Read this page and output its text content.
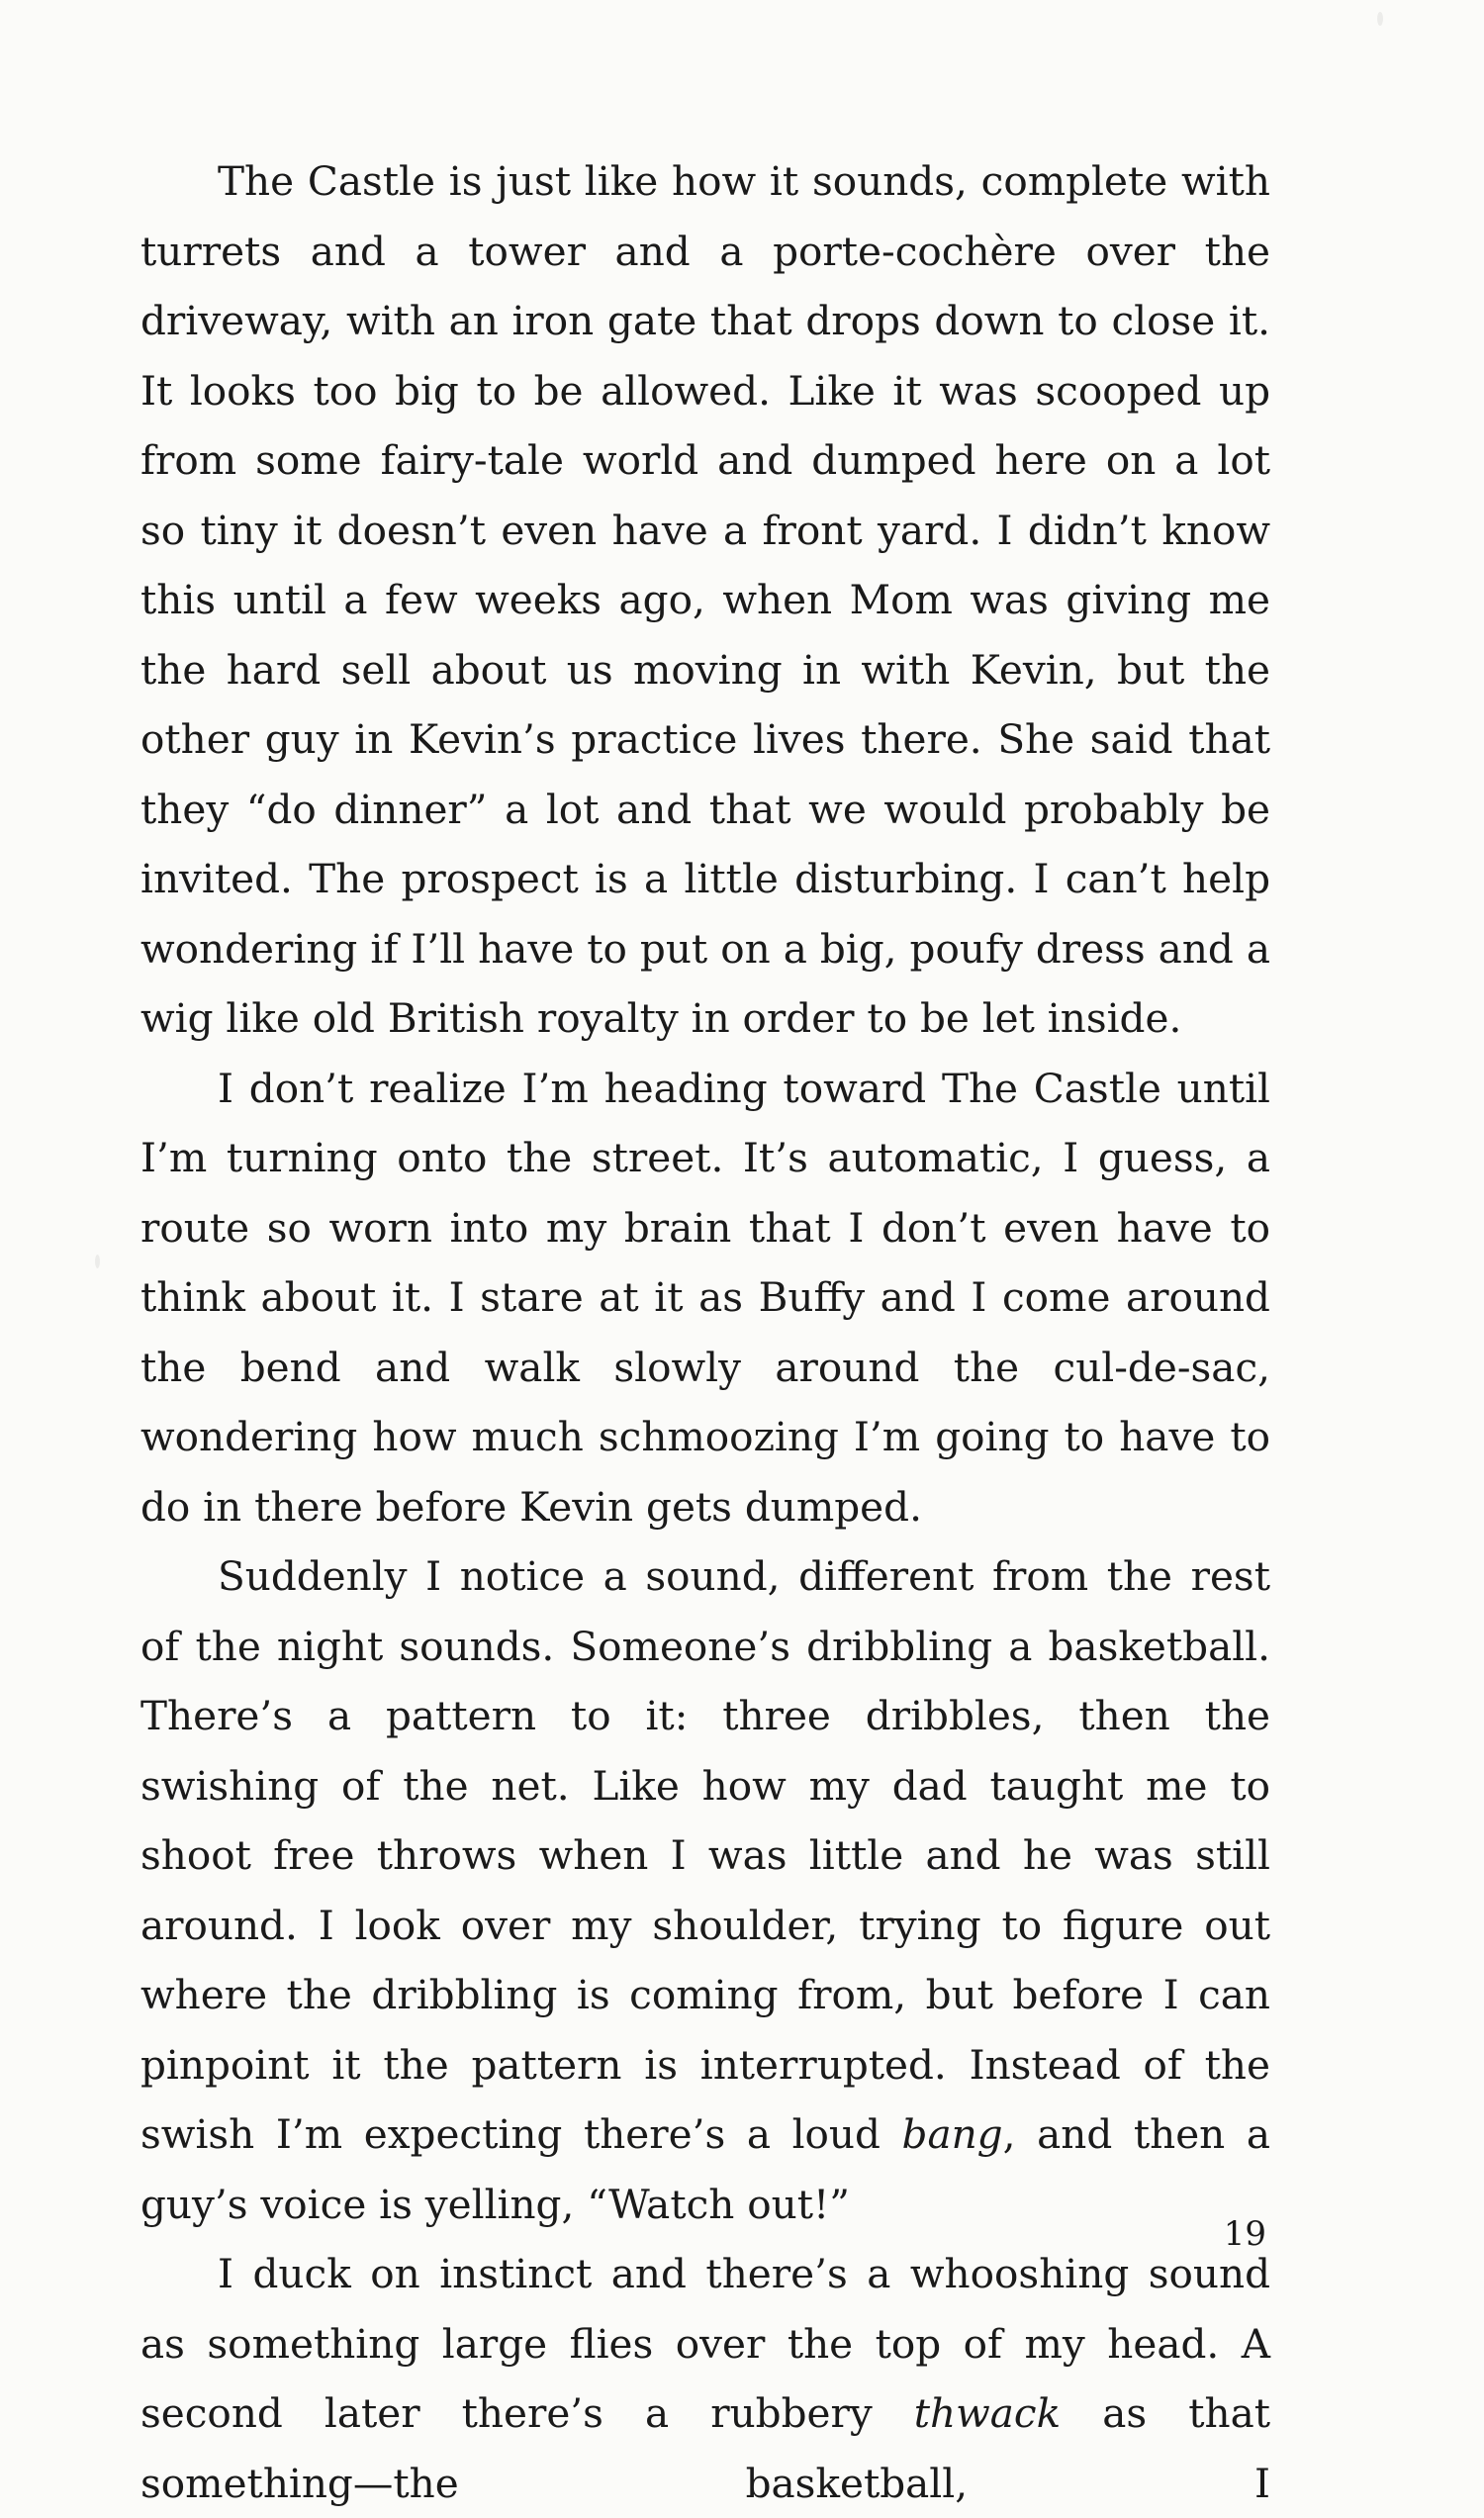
The Castle is just like how it sounds, complete with turrets and a tower and a porte-cochère over the driveway, with an iron gate that drops down to close it. It looks too big to be allowed. Like it was scooped up from some fairy-tale world and dumped here on a lot so tiny it doesn’t even have a front yard. I didn’t know this until a few weeks ago, when Mom was giving me the hard sell about us moving in with Kevin, but the other guy in Kevin’s practice lives there. She said that they “do dinner” a lot and that we would probably be invited. The prospect is a little disturbing. I can’t help wondering if I’ll have to put on a big, poufy dress and a wig like old British royalty in order to be let inside.

I don’t realize I’m heading toward The Castle until I’m turning onto the street. It’s automatic, I guess, a route so worn into my brain that I don’t even have to think about it. I stare at it as Buffy and I come around the bend and walk slowly around the cul-de-sac, wondering how much schmoozing I’m going to have to do in there before Kevin gets dumped.

Suddenly I notice a sound, different from the rest of the night sounds. Someone’s dribbling a basketball. There’s a pattern to it: three dribbles, then the swishing of the net. Like how my dad taught me to shoot free throws when I was little and he was still around. I look over my shoulder, trying to figure out where the dribbling is coming from, but before I can pinpoint it the pattern is interrupted. Instead of the swish I’m expecting there’s a loud bang, and then a guy’s voice is yelling, “Watch out!”

I duck on instinct and there’s a whooshing sound as something large flies over the top of my head. A second later there’s a rubbery thwack as that something—the basketball, I

19
